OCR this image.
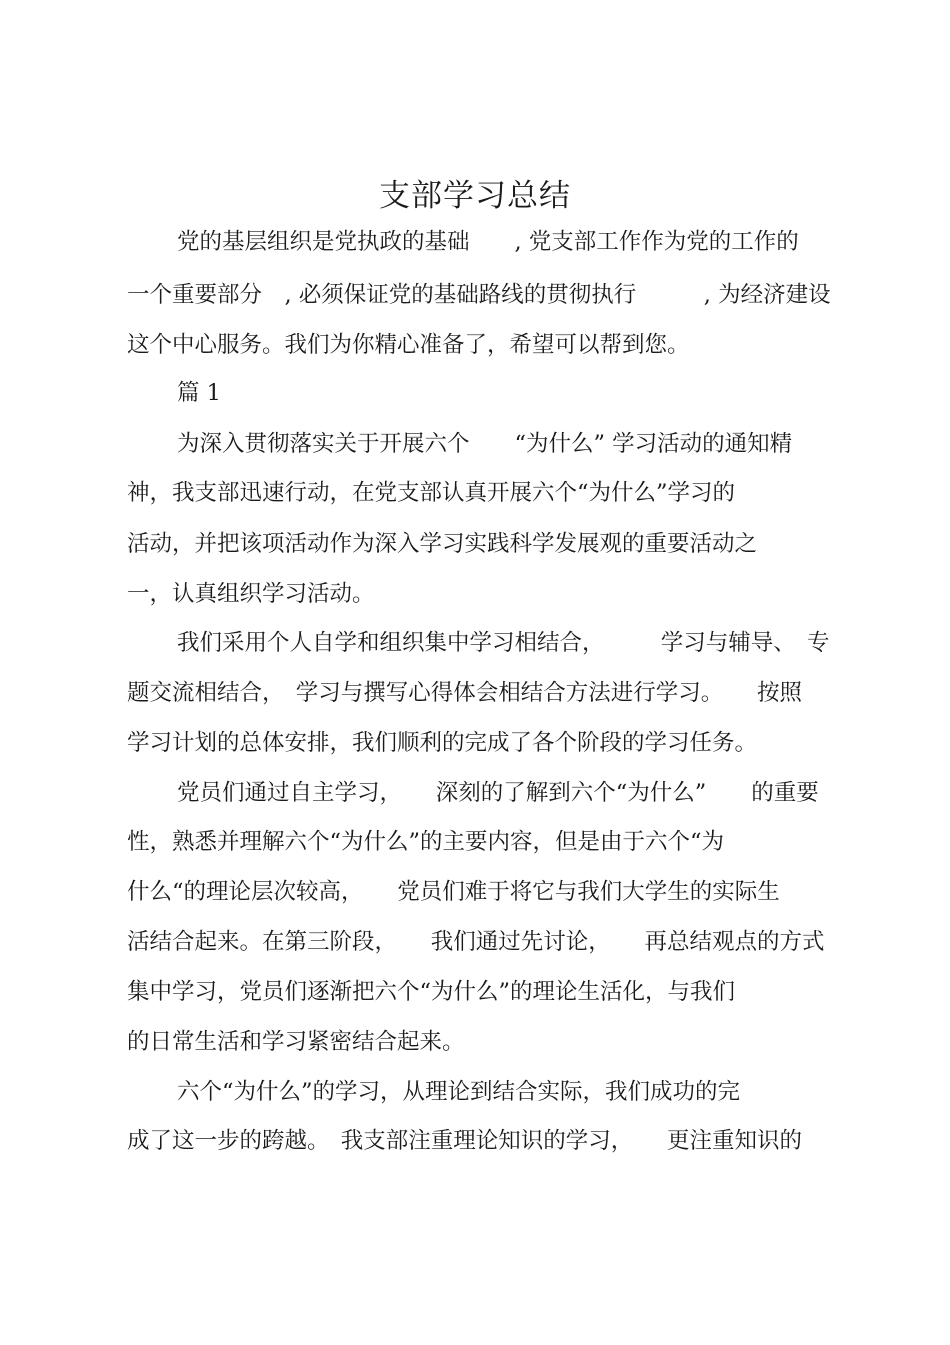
支部学习总结
党的基层组织是党执政的基础　　, 党支部工作作为党的工作的
一个重要部分　, 必须保证党的基础路线的贯彻执行　　　, 为经济建设
这个中心服务。我们为你精心准备了，希望可以帮到您。
篇 1
为深入贯彻落实关于开展六个　　“为什么” 学习活动的通知精
神，我支部迅速行动，在党支部认真开展六个“为什么”学习的
活动，并把该项活动作为深入学习实践科学发展观的重要活动之
一，认真组织学习活动。
我们采用个人自学和组织集中学习相结合，　　　学习与辅导、　专
题交流相结合，　学习与撰写心得体会相结合方法进行学习。　　按照
学习计划的总体安排，我们顺利的完成了各个阶段的学习任务。
党员们通过自主学习，　　深刻的了解到六个“为什么”　　的重要
性，熟悉并理解六个“为什么”的主要内容，但是由于六个“为
什么“的理论层次较高，　　党员们难于将它与我们大学生的实际生
活结合起来。在第三阶段，　　我们通过先讨论，　　再总结观点的方式
集中学习，党员们逐渐把六个“为什么”的理论生活化，与我们
的日常生活和学习紧密结合起来。
六个“为什么”的学习，从理论到结合实际，我们成功的完
成了这一步的跨越。　我支部注重理论知识的学习，　　更注重知识的
